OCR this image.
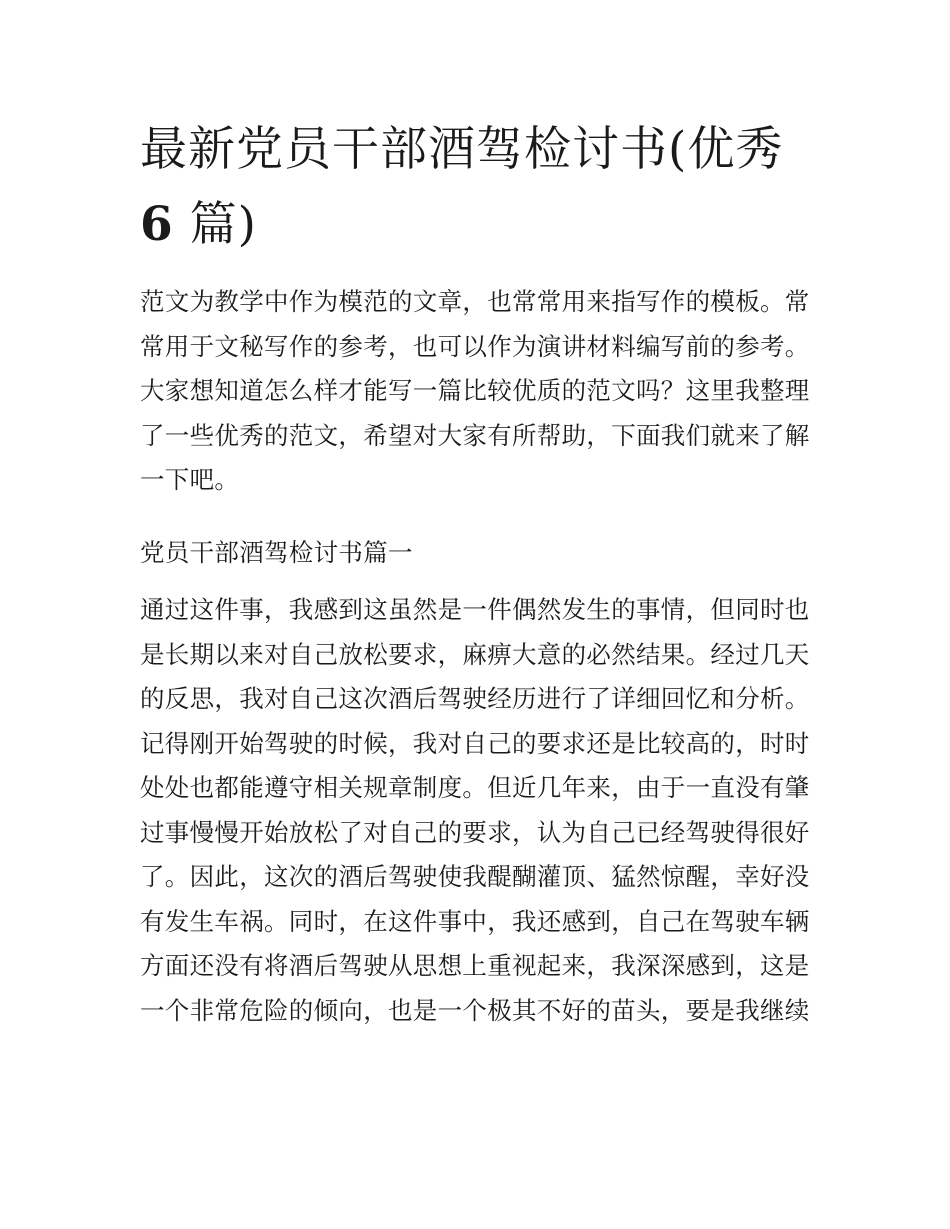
最新党员干部酒驾检讨书(优秀
6 篇)
范文为教学中作为模范的文章，也常常用来指写作的模板。常
常用于文秘写作的参考，也可以作为演讲材料编写前的参考。
大家想知道怎么样才能写一篇比较优质的范文吗？这里我整理
了一些优秀的范文，希望对大家有所帮助，下面我们就来了解
一下吧。
党员干部酒驾检讨书篇一
通过这件事，我感到这虽然是一件偶然发生的事情，但同时也
是长期以来对自己放松要求，麻痹大意的必然结果。经过几天
的反思，我对自己这次酒后驾驶经历进行了详细回忆和分析。
记得刚开始驾驶的时候，我对自己的要求还是比较高的，时时
处处也都能遵守相关规章制度。但近几年来，由于一直没有肇
过事慢慢开始放松了对自己的要求，认为自己已经驾驶得很好
了。因此，这次的酒后驾驶使我醍醐灌顶、猛然惊醒，幸好没
有发生车祸。同时，在这件事中，我还感到，自己在驾驶车辆
方面还没有将酒后驾驶从思想上重视起来，我深深感到，这是
一个非常危险的倾向，也是一个极其不好的苗头，要是我继续
